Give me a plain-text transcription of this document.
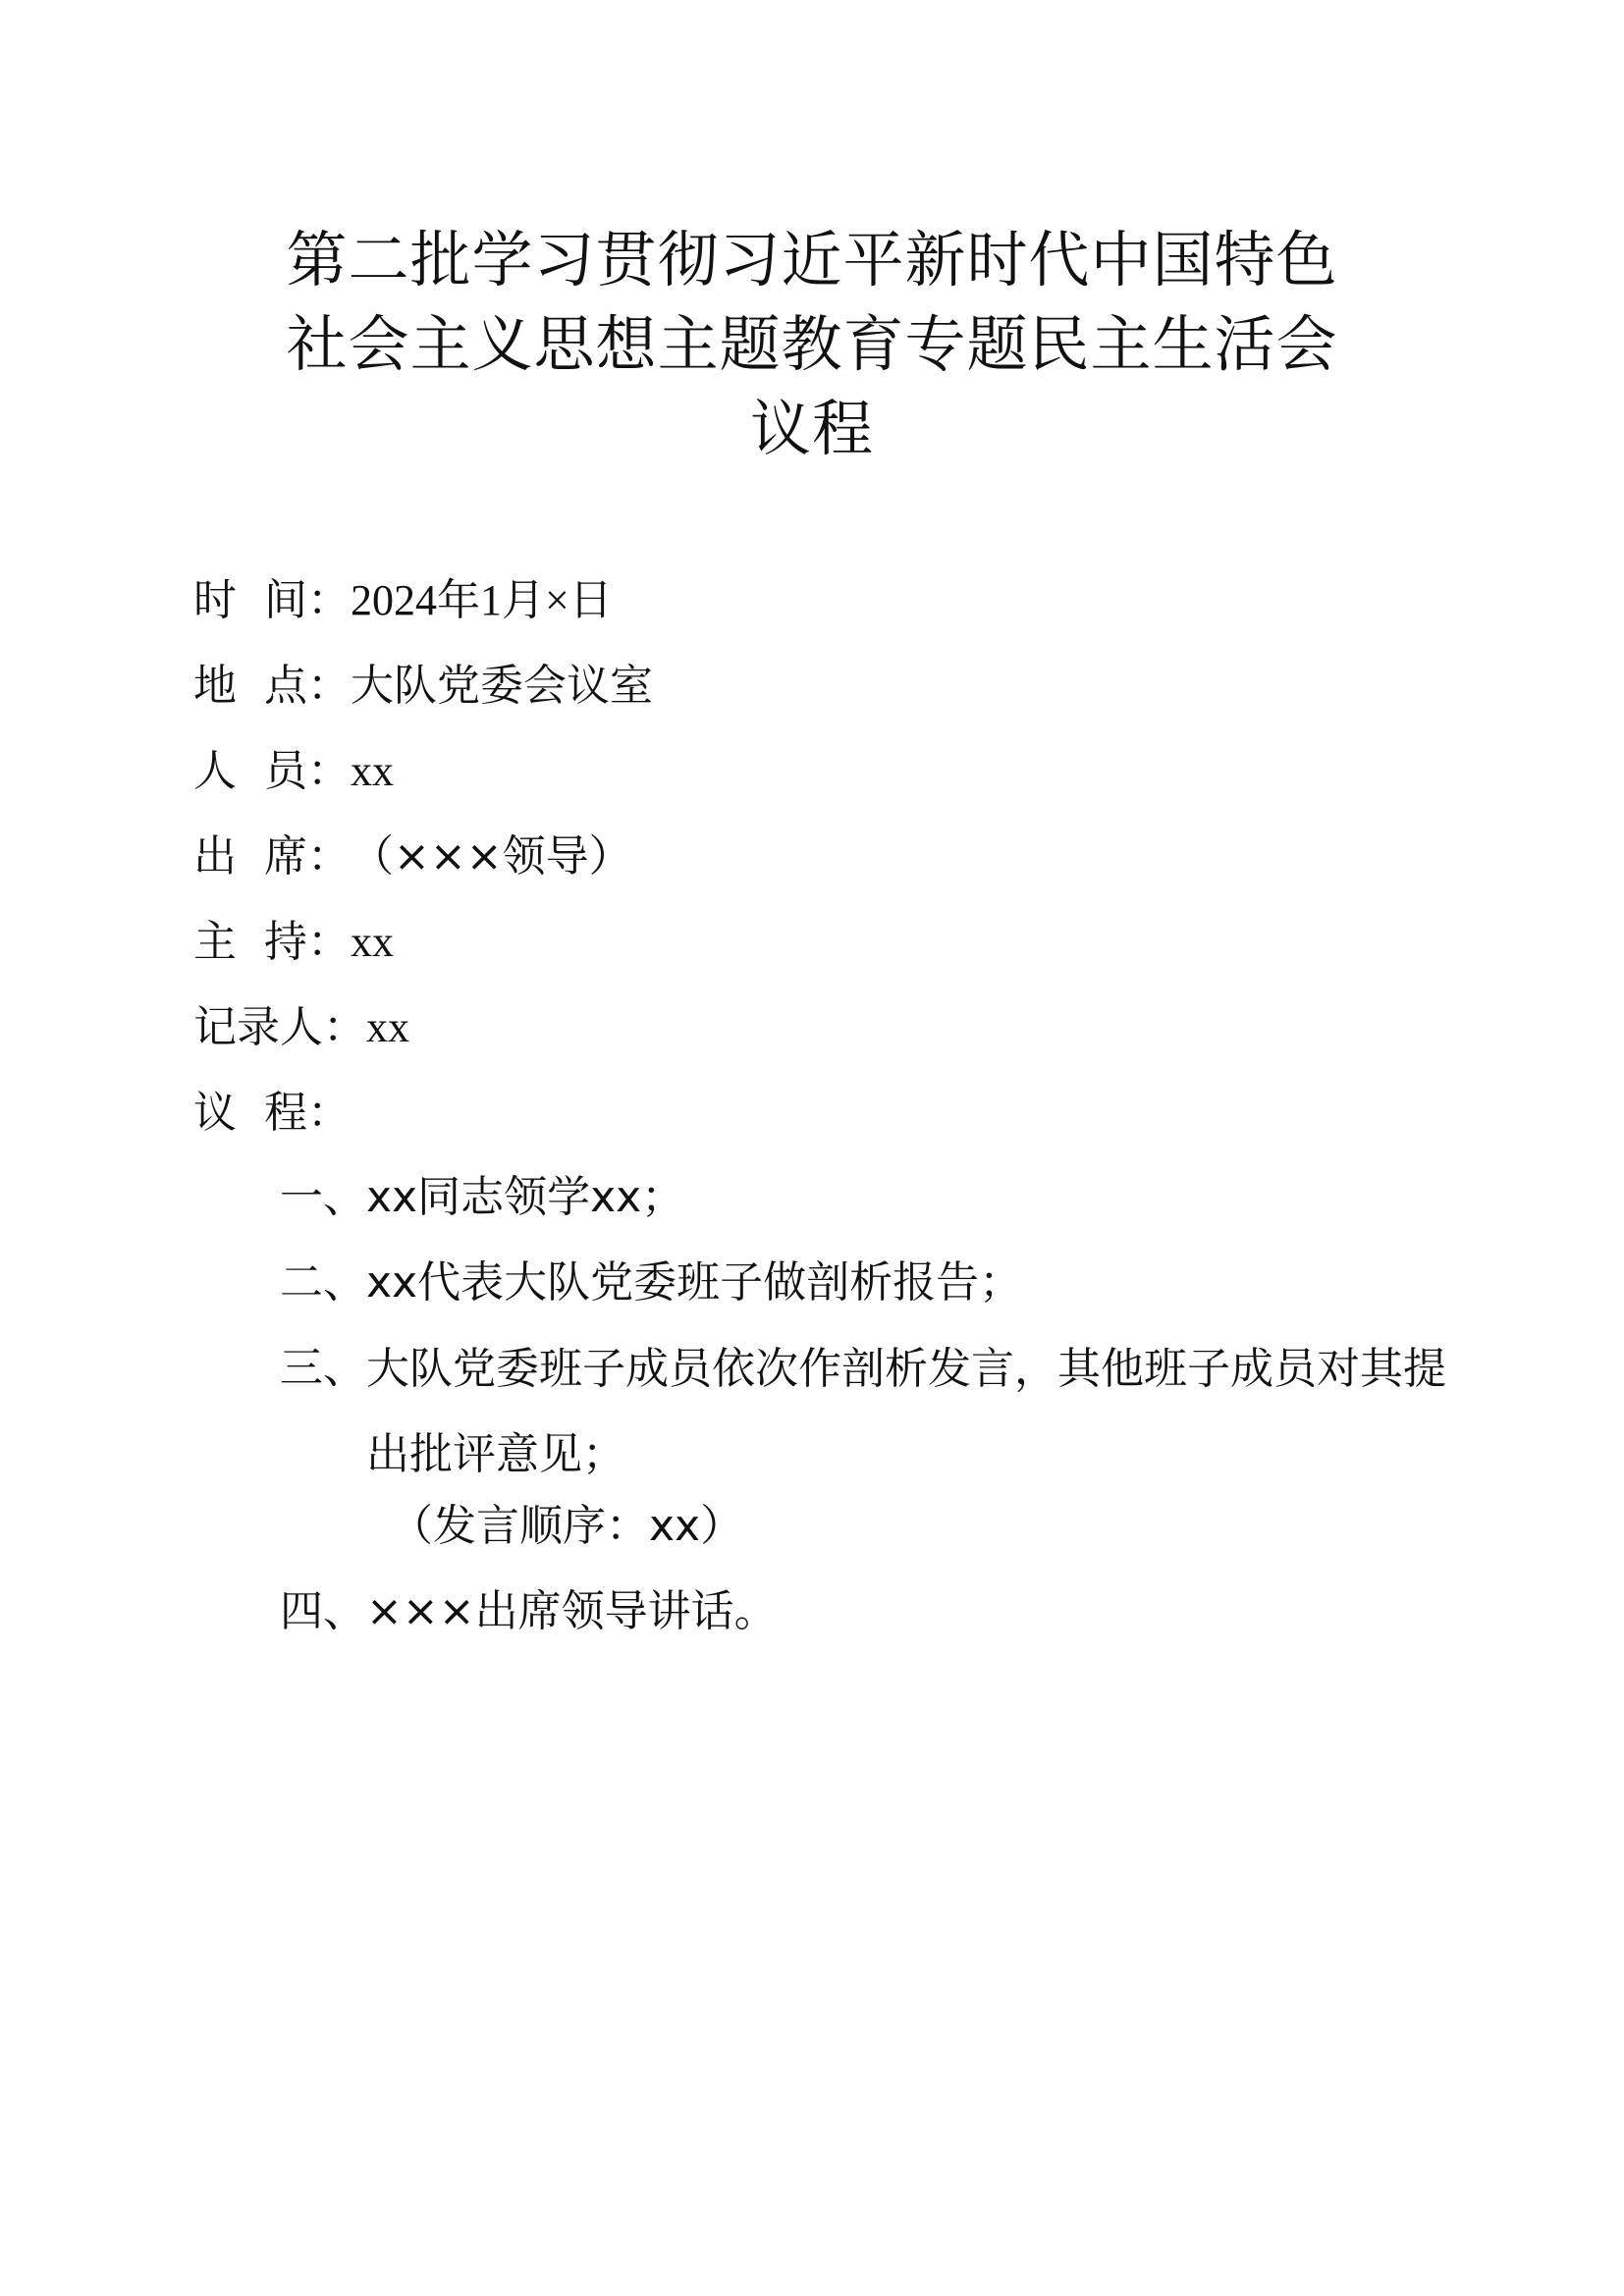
第二批学习贯彻习近平新时代中国特色
社会主义思想主题教育专题民主生活会
议程
时  间： 2024年1月×日
地  点： 大队党委会议室
人  员： xx
出  席： （×××领导）
主  持： xx
记录人： xx
议  程：
一、 xx同志领学xx；
二、 xx代表大队党委班子做剖析报告；
三、 大队党委班子成员依次作剖析发言，其他班子成员对其提出批评意见；
（发言顺序：xx）
四、 ×××出席领导讲话。
